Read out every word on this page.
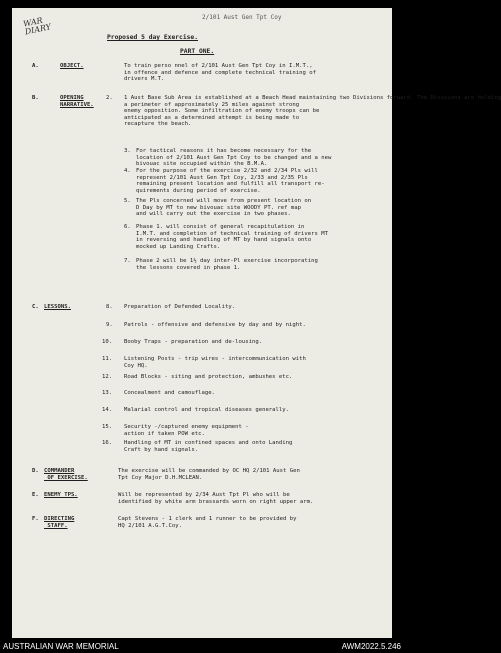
WAR
DIARY
2/101 Aust Gen Tpt Coy
Proposed 5 day Exercise.
PART ONE.
A.	OBJECT.	To train perso nnel of 2/101 Aust Gen Tpt Coy in I.M.T.,
in offence and defence and complete technical training of
drivers M.T.
B.	OPENING
NARRATIVE.
2. 1 Aust Base Sub Area is established at a Beach Head maintaining two Divisions forward. The Divisions are holding
a perimeter of approximately 25 miles against strong
enemy opposition. Some infiltration of enemy troops can be
anticipated as a determined attempt is being made to
recapture the beach.
3. For tactical reasons it has become necessary for the
location of 2/101 Aust Gen Tpt Coy to be changed and a new
bivouac site occupied within the B.M.A.
4. For the purpose of the exercise 2/32 and 2/34 Pls will
represent 2/101 Aust Gen Tpt Coy, 2/33 and 2/35 Pls
remaining present location and fulfill all transport re-
quirements during period of exercise.
5. The Pls concerned will move from present location on
D Day by MT to new bivouac site WOODY PT. ref map
and will carry out the exercise in two phases.
6. Phase 1. will consist of general recapitulation in
I.M.T. and completion of technical training of drivers MT
in reversing and handling of MT by hand signals onto
mocked up Landing Crafts.
7. Phase 2 will be 1½ day inter-Pl exercise incorporating
the lessons covered in phase 1.
C. LESSONS.	8. Preparation of Defended Locality.
9. Patrols - offensive and defensive by day and by night.
10. Booby Traps - preparation and de-lousing.
11. Listening Posts - trip wires - intercommunication with
Coy HQ.
12. Road Blocks - siting and protection, ambushes etc.
13. Concealment and camouflage.
14. Malarial control and tropical diseases generally.
15. Security -/captured enemy equipment -
action if taken POW etc.
16. Handling of MT in confined spaces and onto Landing
Craft by hand signals.
D. COMMANDER
OF EXERCISE.
The exercise will be commanded by OC HQ 2/101 Aust Gen
Tpt Coy Major D.H.MCLEAN.
E. ENEMY TPS.	Will be represented by 2/34 Aust Tpt Pl who will be
identified by white arm brassards worn on right upper arm.
F. DIRECTING
STAFF.
Capt Stevens - 1 clerk and 1 runner to be provided by
HQ 2/101 A.G.T.Coy.
AUSTRALIAN WAR MEMORIAL	AWM2022.5.246
